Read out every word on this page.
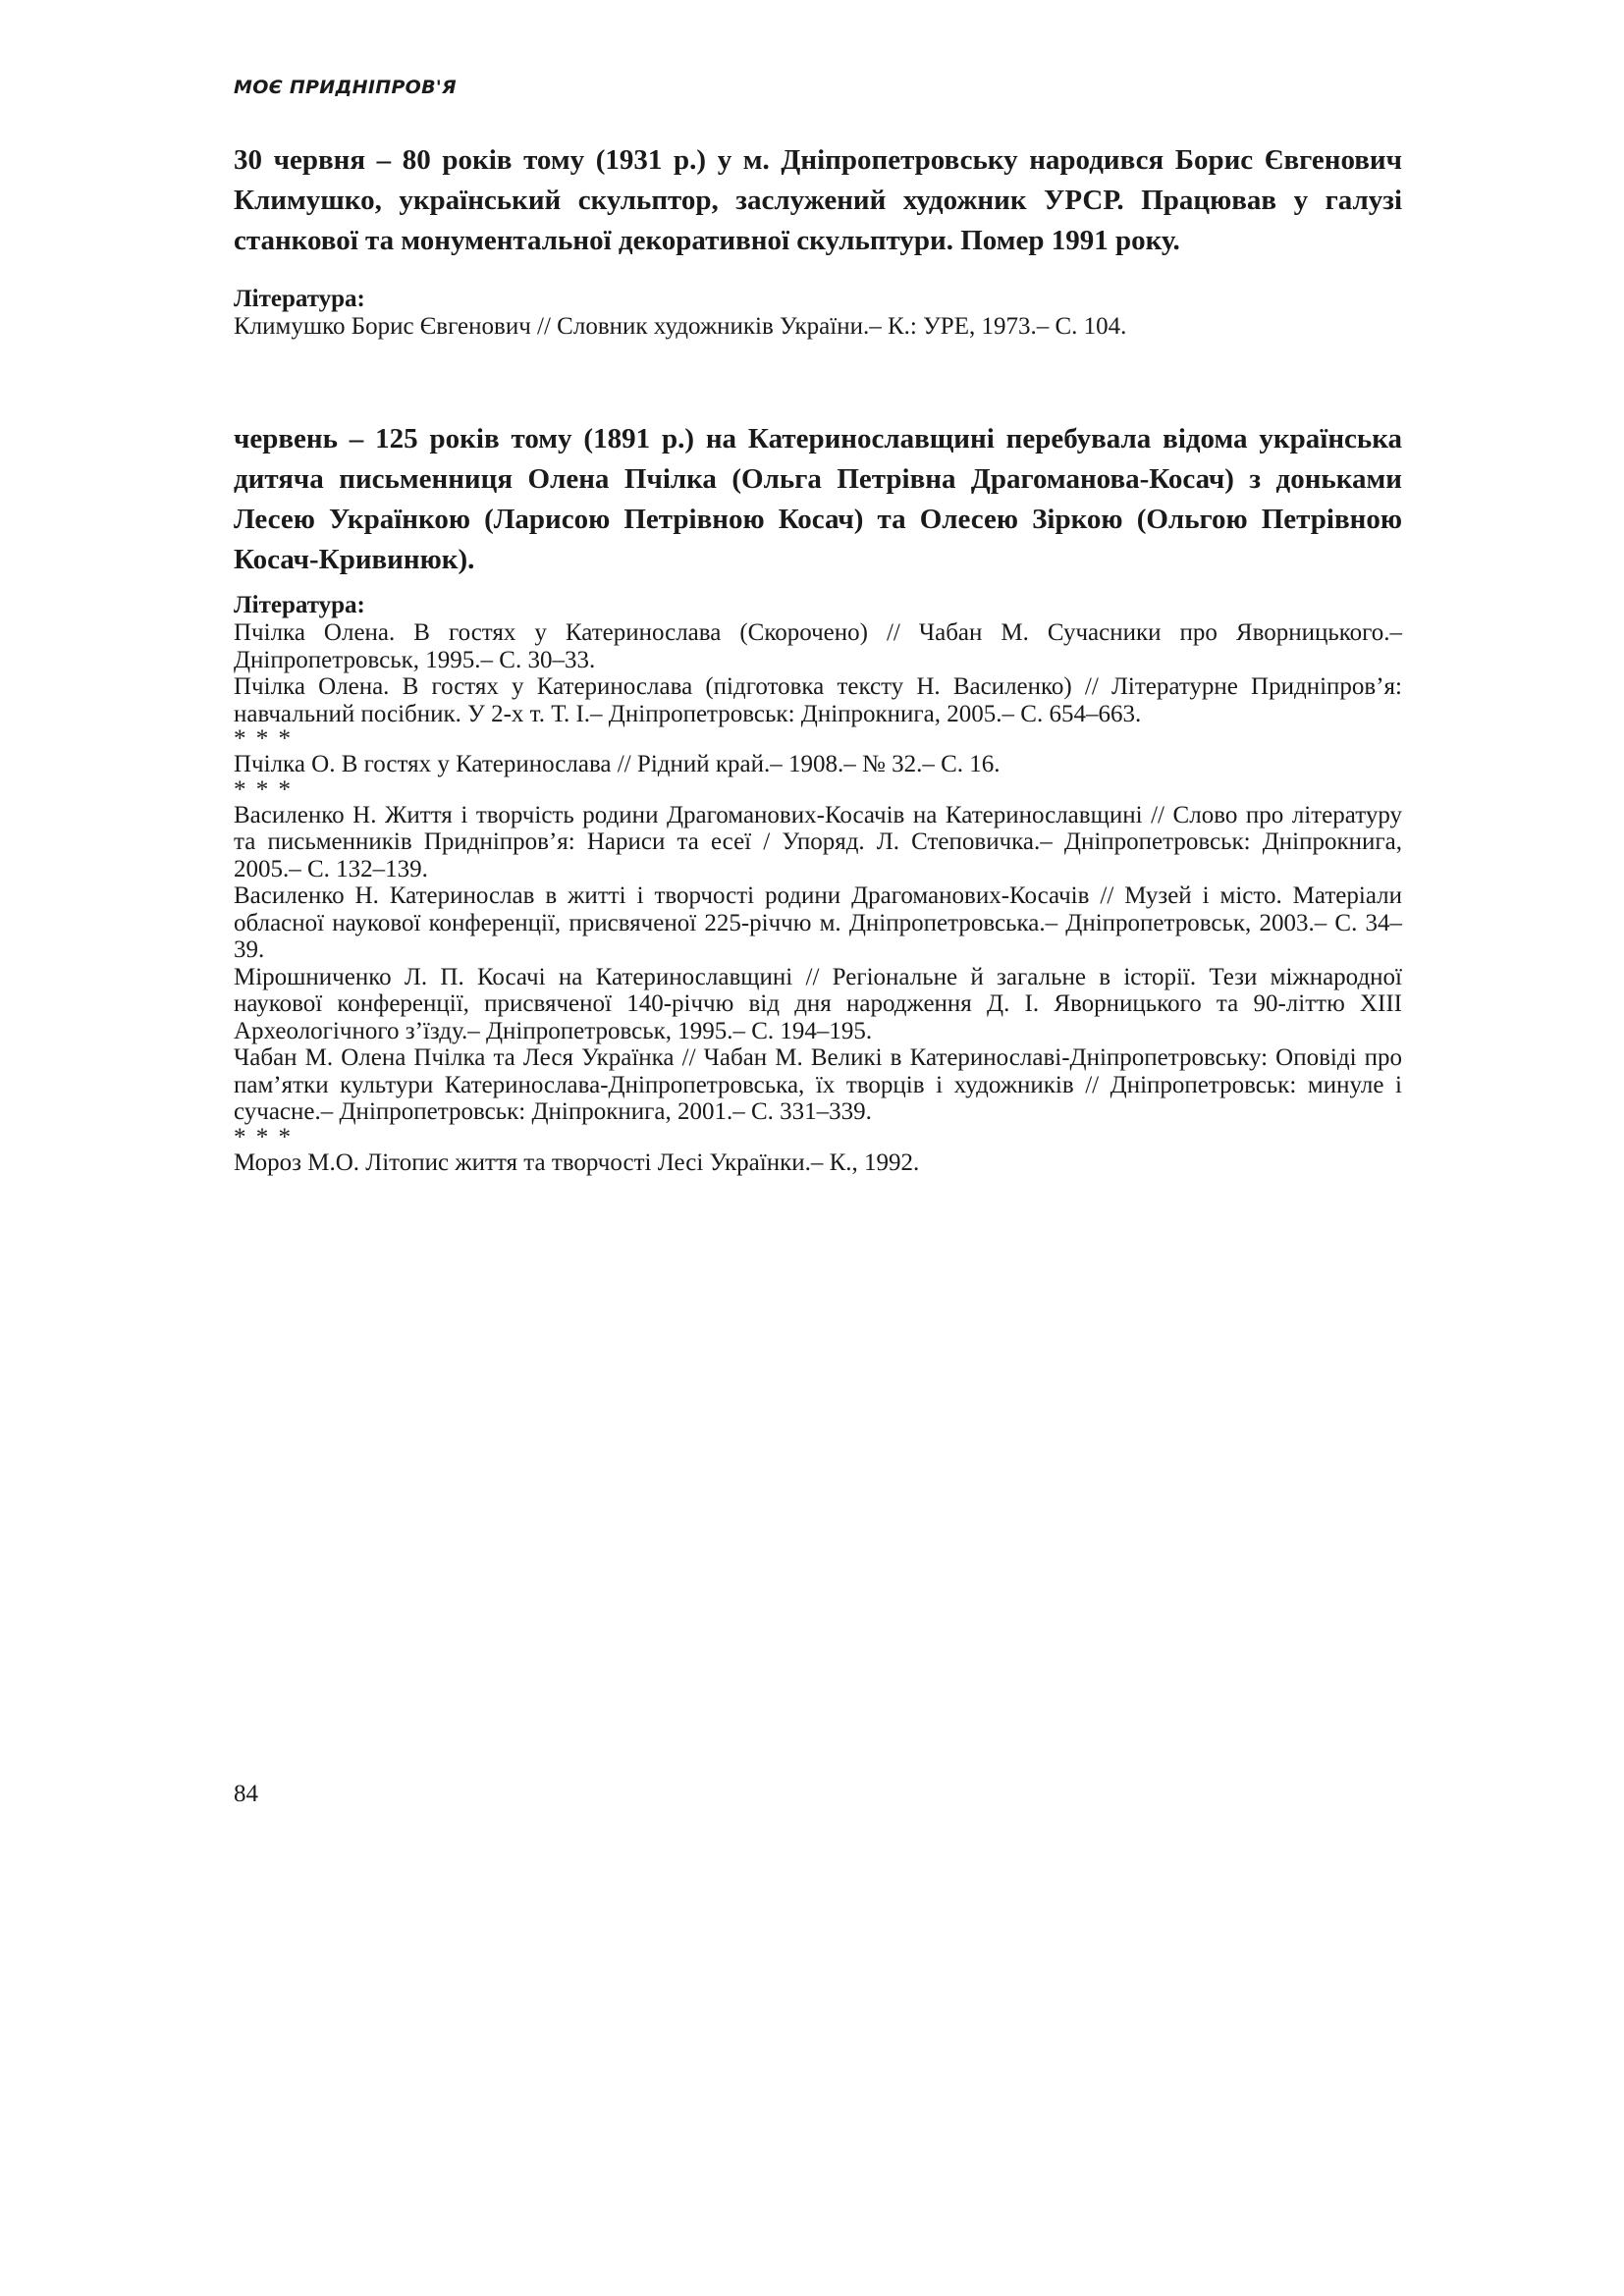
МОЄ ПРИДНІПРОВ'Я

30 червня – 80 років тому (1931 р.) у м. Дніпропетровську народився Борис Євгенович Климушко, український скульптор, заслужений художник УРСР. Працював у галузі станкової та монументальної декоративної скульптури. Помер 1991 року.

Література:

Климушко Борис Євгенович // Словник художників України.– К.: УРЕ, 1973.– С. 104.

червень – 125 років тому (1891 р.) на Катеринославщині перебувала відома українська дитяча письменниця Олена Пчілка (Ольга Петрівна Драгоманова-Косач) з доньками Лесею Українкою (Ларисою Петрівною Косач) та Олесею Зіркою (Ольгою Петрівною Косач-Кривинюк).

Література:

Пчілка Олена. В гостях у Катеринослава (Скорочено) // Чабан М. Сучасники про Яворницького.– Дніпропетровськ, 1995.– С. 30–33.
Пчілка Олена. В гостях у Катеринослава (підготовка тексту Н. Василенко) // Літературне Придніпров’я: навчальний посібник. У 2-х т. Т. І.– Дніпропетровськ: Дніпрокнига, 2005.– С. 654–663.
* * *
Пчілка О. В гостях у Катеринослава // Рідний край.– 1908.– № 32.– С. 16.
* * *
Василенко Н. Життя і творчість родини Драгоманових-Косачів на Катеринославщині // Слово про літературу та письменників Придніпров’я: Нариси та есеї / Упоряд. Л. Степовичка.– Дніпропетровськ: Дніпрокнига, 2005.– С. 132–139.
Василенко Н. Катеринослав в житті і творчості родини Драгоманових-Косачів // Музей і місто. Матеріали обласної наукової конференції, присвяченої 225-річчю м. Дніпропетровська.– Дніпропетровськ, 2003.– С. 34–39.
Мірошниченко Л. П. Косачі на Катеринославщині // Регіональне й загальне в історії. Тези міжнародної наукової конференції, присвяченої 140-річчю від дня народження Д. І. Яворницького та 90-літтю ХІІІ Археологічного з’їзду.– Дніпропетровськ, 1995.– С. 194–195.
Чабан М. Олена Пчілка та Леся Українка // Чабан М. Великі в Катеринославі-Дніпропетровську: Оповіді про пам’ятки культури Катеринослава-Дніпропетровська, їх творців і художників // Дніпропетровськ: минуле і сучасне.– Дніпропетровськ: Дніпрокнига, 2001.– С. 331–339.
* * *
Мороз М.О. Літопис життя та творчості Лесі Українки.– К., 1992.
84
